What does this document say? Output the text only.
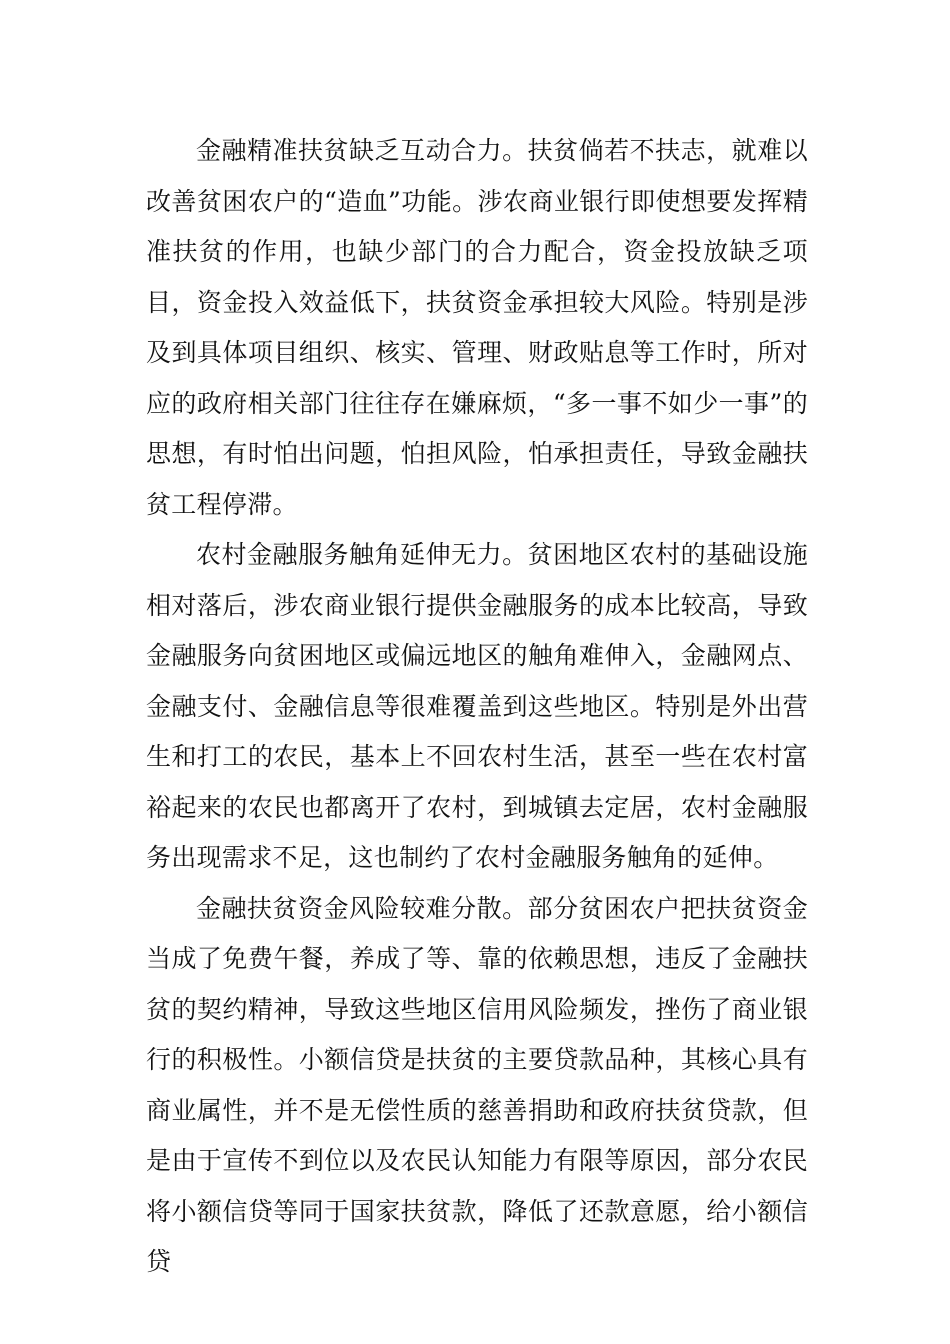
金融精准扶贫缺乏互动合力。扶贫倘若不扶志，就难以改善贫困农户的“造血”功能。涉农商业银行即使想要发挥精准扶贫的作用，也缺少部门的合力配合，资金投放缺乏项目，资金投入效益低下，扶贫资金承担较大风险。特别是涉及到具体项目组织、核实、管理、财政贴息等工作时，所对应的政府相关部门往往存在嫌麻烦，“多一事不如少一事”的思想，有时怕出问题，怕担风险，怕承担责任，导致金融扶贫工程停滞。

农村金融服务触角延伸无力。贫困地区农村的基础设施相对落后，涉农商业银行提供金融服务的成本比较高，导致金融服务向贫困地区或偏远地区的触角难伸入，金融网点、金融支付、金融信息等很难覆盖到这些地区。特别是外出营生和打工的农民，基本上不回农村生活，甚至一些在农村富裕起来的农民也都离开了农村，到城镇去定居，农村金融服务出现需求不足，这也制约了农村金融服务触角的延伸。

金融扶贫资金风险较难分散。部分贫困农户把扶贫资金当成了免费午餐，养成了等、靠的依赖思想，违反了金融扶贫的契约精神，导致这些地区信用风险频发，挫伤了商业银行的积极性。小额信贷是扶贫的主要贷款品种，其核心具有商业属性，并不是无偿性质的慈善捐助和政府扶贫贷款，但是由于宣传不到位以及农民认知能力有限等原因，部分农民将小额信贷等同于国家扶贫款，降低了还款意愿，给小额信贷
